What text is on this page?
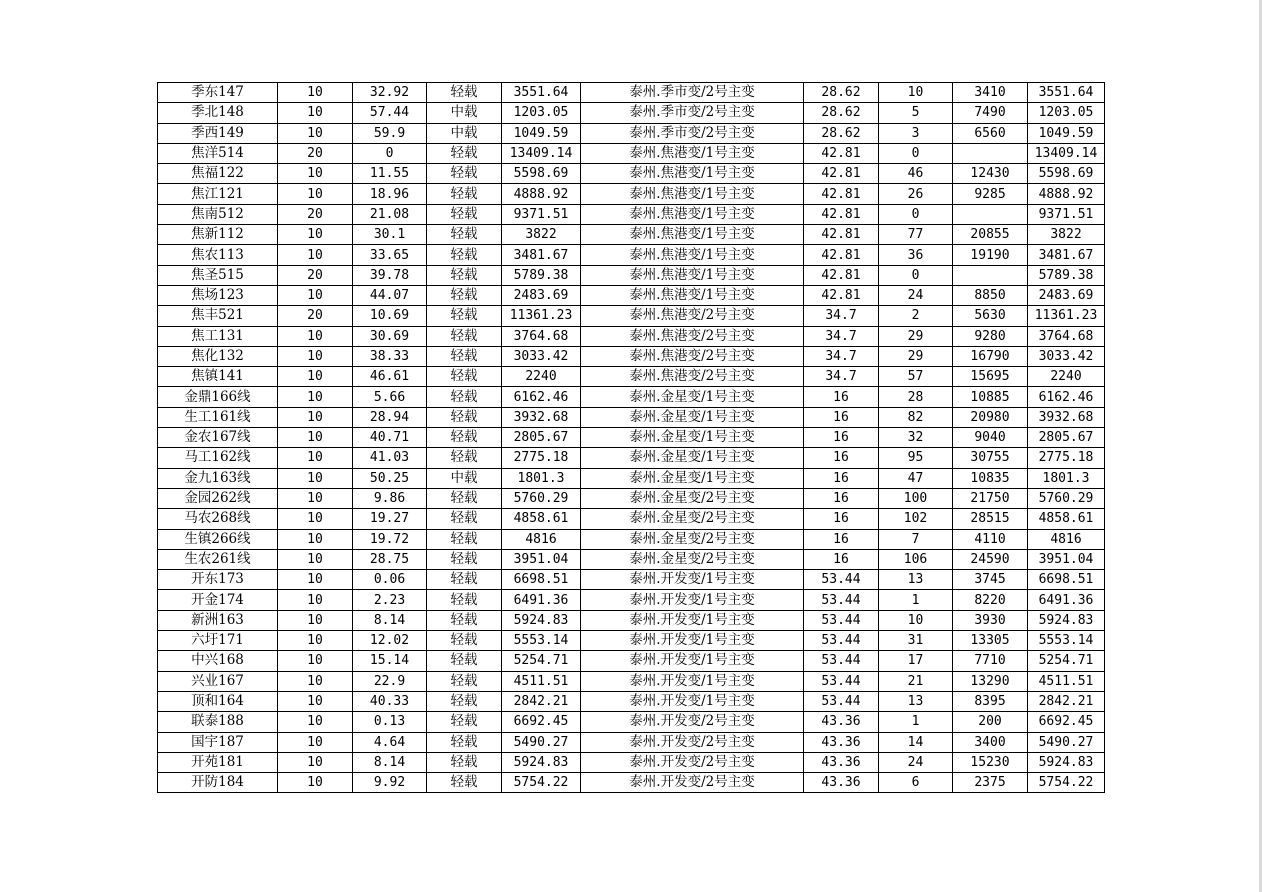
季东147	10	32.92	轻载	3551.64	泰州.季市变/2号主变	28.62	10	3410	3551.64
季北148	10	57.44	中载	1203.05	泰州.季市变/2号主变	28.62	5	7490	1203.05
季西149	10	59.9	中载	1049.59	泰州.季市变/2号主变	28.62	3	6560	1049.59
焦洋514	20	0	轻载	13409.14	泰州.焦港变/1号主变	42.81	0		13409.14
焦福122	10	11.55	轻载	5598.69	泰州.焦港变/1号主变	42.81	46	12430	5598.69
焦江121	10	18.96	轻载	4888.92	泰州.焦港变/1号主变	42.81	26	9285	4888.92
焦南512	20	21.08	轻载	9371.51	泰州.焦港变/1号主变	42.81	0		9371.51
焦新112	10	30.1	轻载	3822	泰州.焦港变/1号主变	42.81	77	20855	3822
焦农113	10	33.65	轻载	3481.67	泰州.焦港变/1号主变	42.81	36	19190	3481.67
焦圣515	20	39.78	轻载	5789.38	泰州.焦港变/1号主变	42.81	0		5789.38
焦场123	10	44.07	轻载	2483.69	泰州.焦港变/1号主变	42.81	24	8850	2483.69
焦丰521	20	10.69	轻载	11361.23	泰州.焦港变/2号主变	34.7	2	5630	11361.23
焦工131	10	30.69	轻载	3764.68	泰州.焦港变/2号主变	34.7	29	9280	3764.68
焦化132	10	38.33	轻载	3033.42	泰州.焦港变/2号主变	34.7	29	16790	3033.42
焦镇141	10	46.61	轻载	2240	泰州.焦港变/2号主变	34.7	57	15695	2240
金鼎166线	10	5.66	轻载	6162.46	泰州.金星变/1号主变	16	28	10885	6162.46
生工161线	10	28.94	轻载	3932.68	泰州.金星变/1号主变	16	82	20980	3932.68
金农167线	10	40.71	轻载	2805.67	泰州.金星变/1号主变	16	32	9040	2805.67
马工162线	10	41.03	轻载	2775.18	泰州.金星变/1号主变	16	95	30755	2775.18
金九163线	10	50.25	中载	1801.3	泰州.金星变/1号主变	16	47	10835	1801.3
金园262线	10	9.86	轻载	5760.29	泰州.金星变/2号主变	16	100	21750	5760.29
马农268线	10	19.27	轻载	4858.61	泰州.金星变/2号主变	16	102	28515	4858.61
生镇266线	10	19.72	轻载	4816	泰州.金星变/2号主变	16	7	4110	4816
生农261线	10	28.75	轻载	3951.04	泰州.金星变/2号主变	16	106	24590	3951.04
开东173	10	0.06	轻载	6698.51	泰州.开发变/1号主变	53.44	13	3745	6698.51
开金174	10	2.23	轻载	6491.36	泰州.开发变/1号主变	53.44	1	8220	6491.36
新洲163	10	8.14	轻载	5924.83	泰州.开发变/1号主变	53.44	10	3930	5924.83
六圩171	10	12.02	轻载	5553.14	泰州.开发变/1号主变	53.44	31	13305	5553.14
中兴168	10	15.14	轻载	5254.71	泰州.开发变/1号主变	53.44	17	7710	5254.71
兴业167	10	22.9	轻载	4511.51	泰州.开发变/1号主变	53.44	21	13290	4511.51
顶和164	10	40.33	轻载	2842.21	泰州.开发变/1号主变	53.44	13	8395	2842.21
联泰188	10	0.13	轻载	6692.45	泰州.开发变/2号主变	43.36	1	200	6692.45
国宇187	10	4.64	轻载	5490.27	泰州.开发变/2号主变	43.36	14	3400	5490.27
开苑181	10	8.14	轻载	5924.83	泰州.开发变/2号主变	43.36	24	15230	5924.83
开防184	10	9.92	轻载	5754.22	泰州.开发变/2号主变	43.36	6	2375	5754.22
